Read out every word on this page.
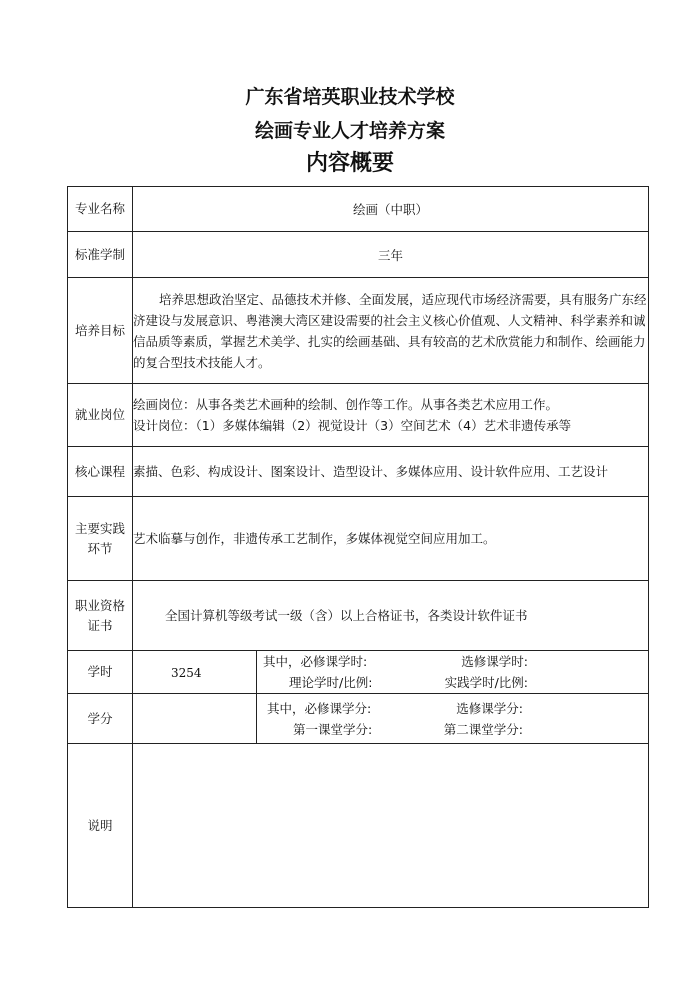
广东省培英职业技术学校
绘画专业人才培养方案
内容概要
专业名称	绘画（中职）	
标准学制	三年	
培养目标	培养思想政治坚定、品德技术并修、全面发展，适应现代市场经济需要，具有服务广东经济建设与发展意识、粤港澳大湾区建设需要的社会主义核心价值观、人文精神、科学素养和诚信品质等素质，掌握艺术美学、扎实的绘画基础、具有较高的艺术欣赏能力和制作、绘画能力的复合型技术技能人才。	

就业岗位	绘画岗位：从事各类艺术画种的绘制、创作等工作。从事各类艺术应用工作。
设计岗位：（1）多媒体编辑（2）视觉设计（3）空间艺术（4）艺术非遗传承等	

核心课程	素描、色彩、构成设计、图案设计、造型设计、多媒体应用、设计软件应用、工艺设计	

主要实践
环节	艺术临摹与创作，非遗传承工艺制作，多媒体视觉空间应用加工。	

职业资格
证书	全国计算机等级考试一级（含）以上合格证书，各类设计软件证书	
学时	3254	其中，必修课学时: 选修课学时:
理论学时/比例: 实践学时/比例:

学分		其中，必修课学分: 选修课学分:
第一课堂学分: 第二课堂学分:

说明		
